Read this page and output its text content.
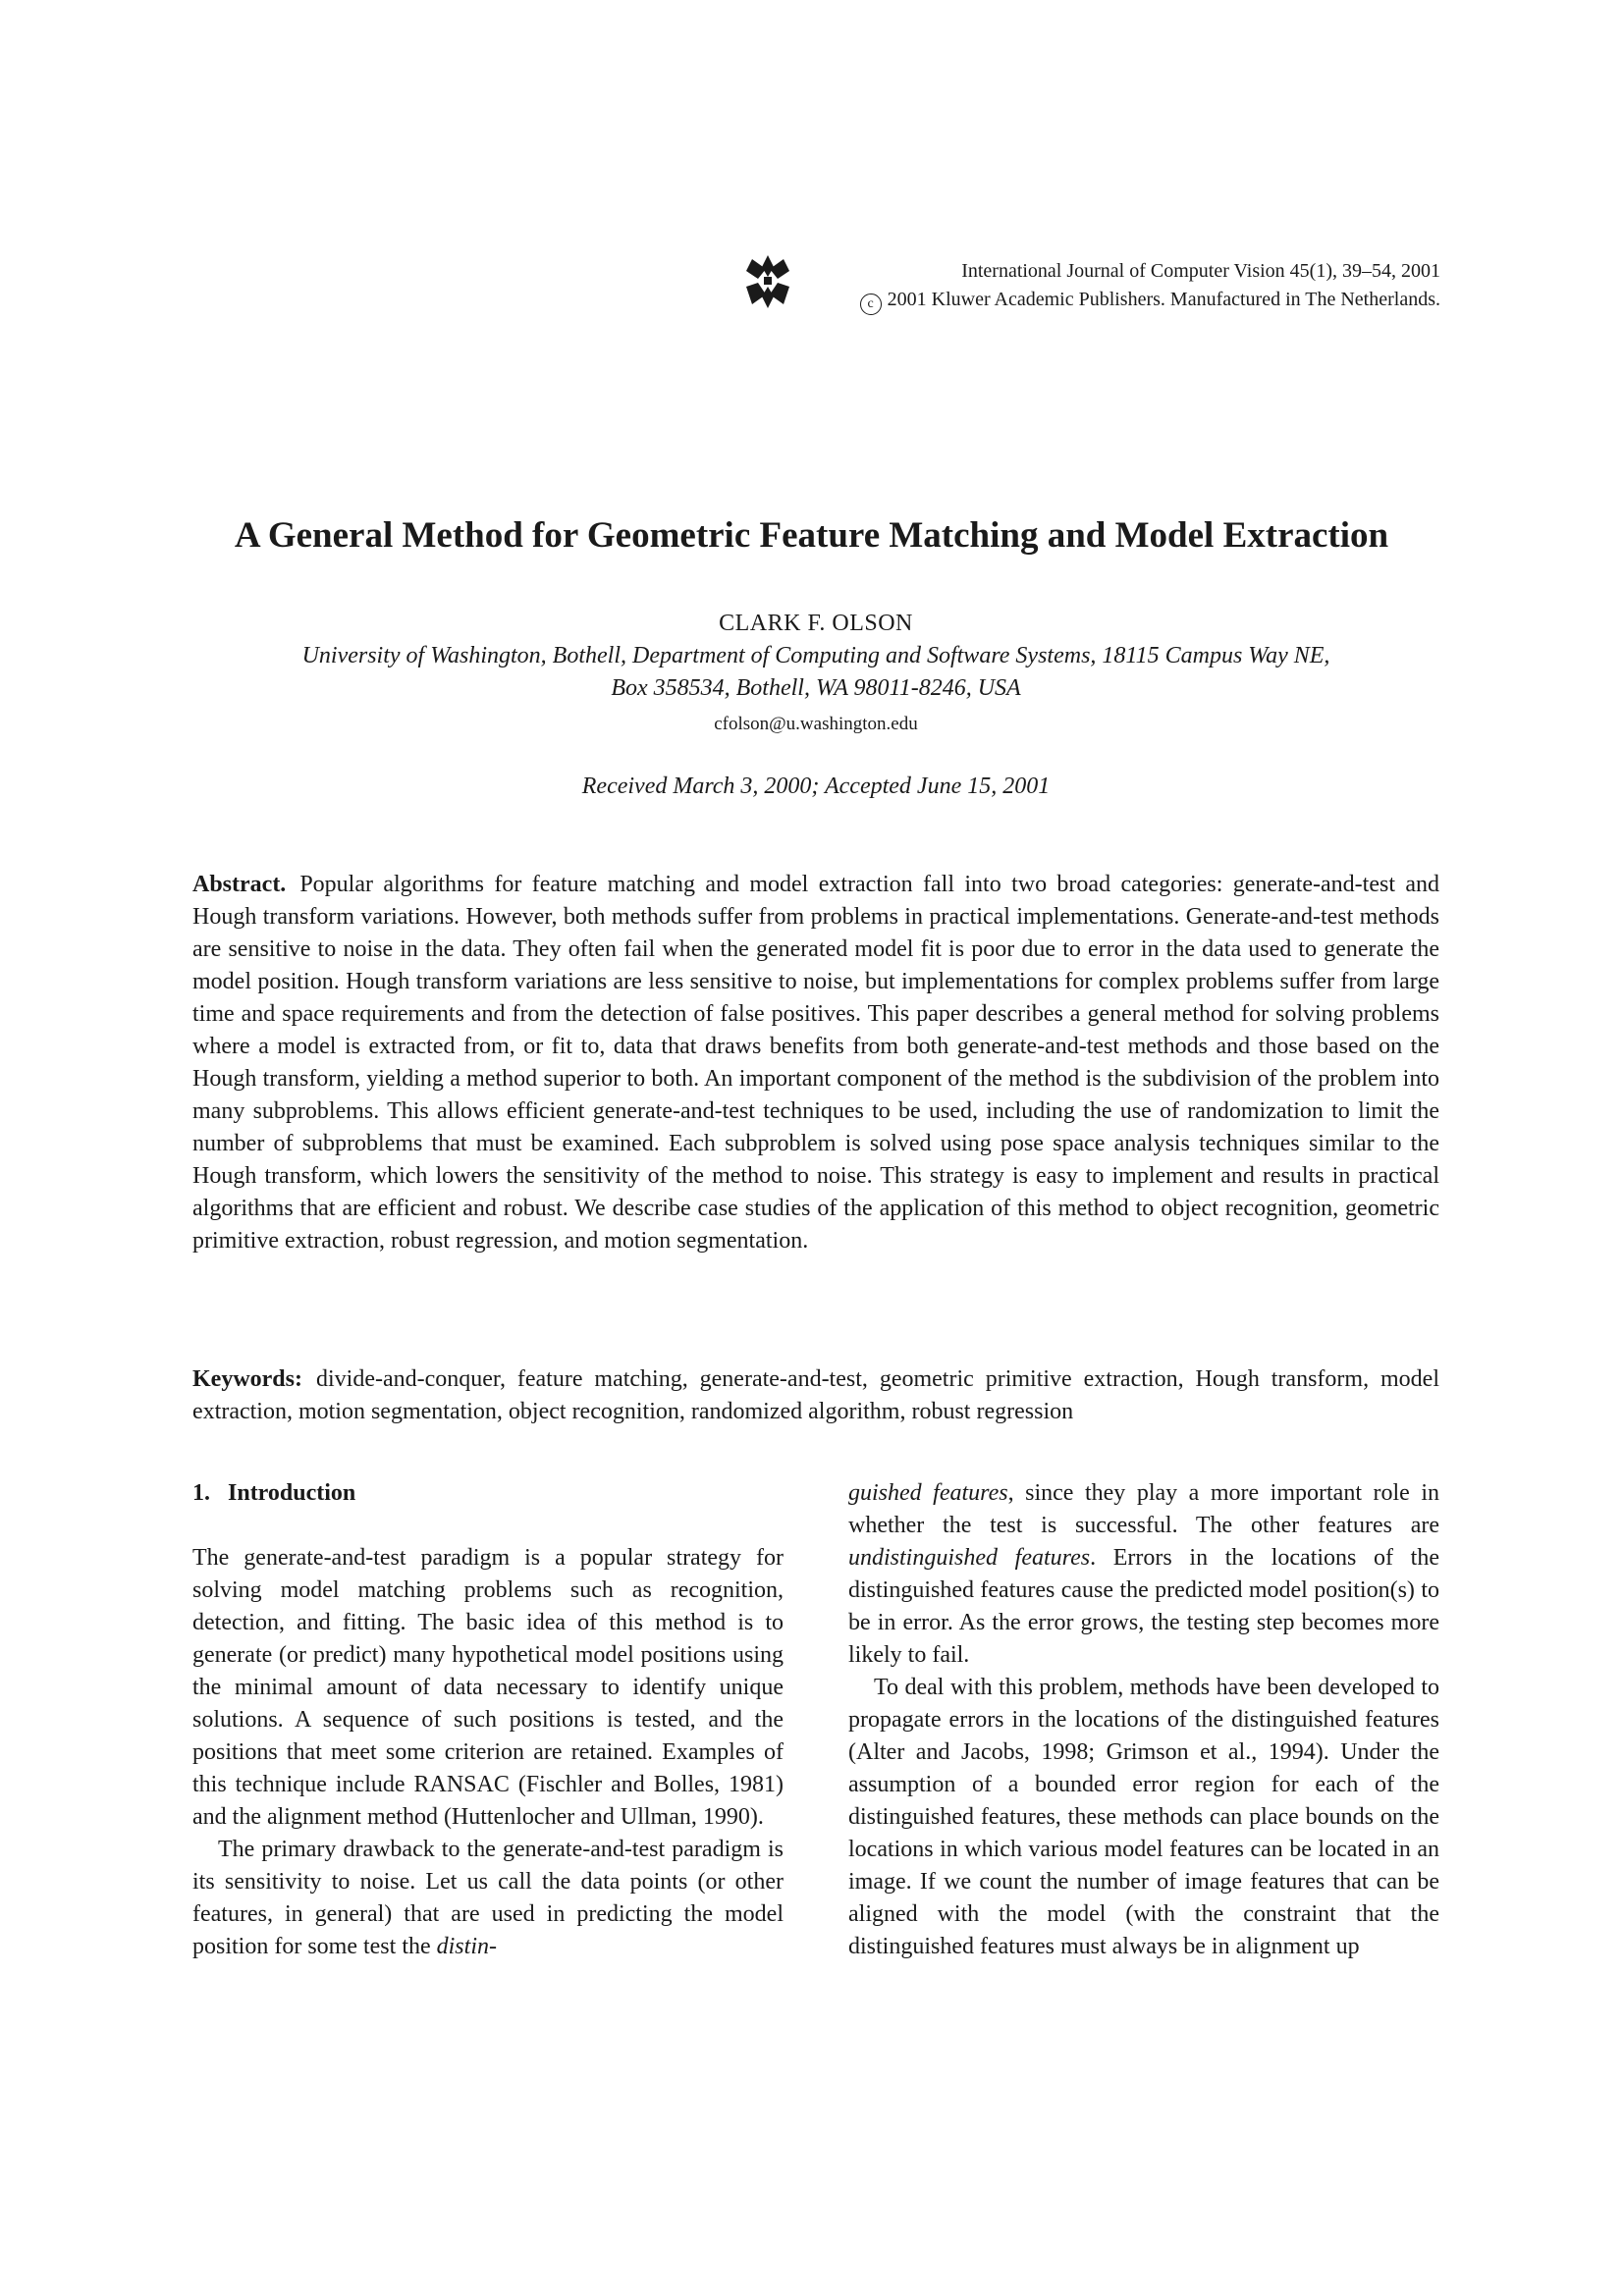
International Journal of Computer Vision 45(1), 39–54, 2001
c 2001 Kluwer Academic Publishers. Manufactured in The Netherlands.
A General Method for Geometric Feature Matching and Model Extraction
CLARK F. OLSON
University of Washington, Bothell, Department of Computing and Software Systems, 18115 Campus Way NE,
Box 358534, Bothell, WA 98011-8246, USA
cfolson@u.washington.edu
Received March 3, 2000; Accepted June 15, 2001

Abstract. Popular algorithms for feature matching and model extraction fall into two broad categories: generate-and-test and Hough transform variations. However, both methods suffer from problems in practical implementations. Generate-and-test methods are sensitive to noise in the data. They often fail when the generated model fit is poor due to error in the data used to generate the model position. Hough transform variations are less sensitive to noise, but implementations for complex problems suffer from large time and space requirements and from the detection of false positives. This paper describes a general method for solving problems where a model is extracted from, or fit to, data that draws benefits from both generate-and-test methods and those based on the Hough transform, yielding a method superior to both. An important component of the method is the subdivision of the problem into many subproblems. This allows efficient generate-and-test techniques to be used, including the use of randomization to limit the number of subproblems that must be examined. Each subproblem is solved using pose space analysis techniques similar to the Hough transform, which lowers the sensitivity of the method to noise. This strategy is easy to implement and results in practical algorithms that are efficient and robust. We describe case studies of the application of this method to object recognition, geometric primitive extraction, robust regression, and motion segmentation.

Keywords: divide-and-conquer, feature matching, generate-and-test, geometric primitive extraction, Hough transform, model extraction, motion segmentation, object recognition, randomized algorithm, robust regression

1. Introduction

The generate-and-test paradigm is a popular strategy for solving model matching problems such as recognition, detection, and fitting. The basic idea of this method is to generate (or predict) many hypothetical model positions using the minimal amount of data necessary to identify unique solutions. A sequence of such positions is tested, and the positions that meet some criterion are retained. Examples of this technique include RANSAC (Fischler and Bolles, 1981) and the alignment method (Huttenlocher and Ullman, 1990).

The primary drawback to the generate-and-test paradigm is its sensitivity to noise. Let us call the data points (or other features, in general) that are used in predicting the model position for some test the distin-

guished features, since they play a more important role in whether the test is successful. The other features are undistinguished features. Errors in the locations of the distinguished features cause the predicted model position(s) to be in error. As the error grows, the testing step becomes more likely to fail.

To deal with this problem, methods have been developed to propagate errors in the locations of the distinguished features (Alter and Jacobs, 1998; Grimson et al., 1994). Under the assumption of a bounded error region for each of the distinguished features, these methods can place bounds on the locations in which various model features can be located in an image. If we count the number of image features that can be aligned with the model (with the constraint that the distinguished features must always be in alignment up
